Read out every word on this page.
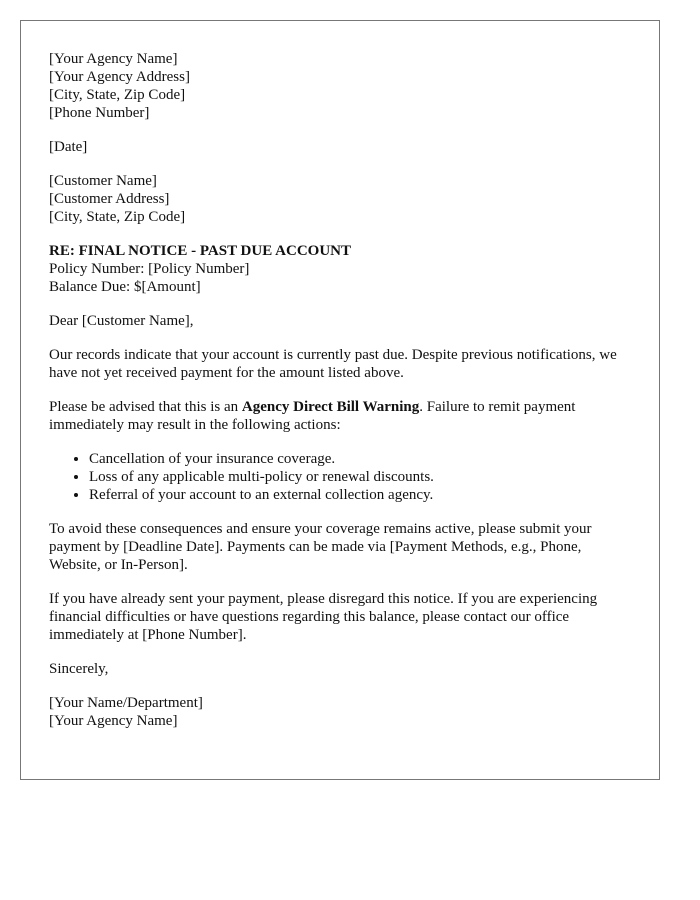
[Your Agency Name]
[Your Agency Address]
[City, State, Zip Code]
[Phone Number]
[Date]
[Customer Name]
[Customer Address]
[City, State, Zip Code]
RE: FINAL NOTICE - PAST DUE ACCOUNT
Policy Number: [Policy Number]
Balance Due: $[Amount]
Dear [Customer Name],

Our records indicate that your account is currently past due. Despite previous notifications, we have not yet received payment for the amount listed above.

Please be advised that this is an Agency Direct Bill Warning. Failure to remit payment immediately may result in the following actions:

• Cancellation of your insurance coverage.
• Loss of any applicable multi-policy or renewal discounts.
• Referral of your account to an external collection agency.

To avoid these consequences and ensure your coverage remains active, please submit your payment by [Deadline Date]. Payments can be made via [Payment Methods, e.g., Phone, Website, or In-Person].

If you have already sent your payment, please disregard this notice. If you are experiencing financial difficulties or have questions regarding this balance, please contact our office immediately at [Phone Number].

Sincerely,
[Your Name/Department]
[Your Agency Name]
